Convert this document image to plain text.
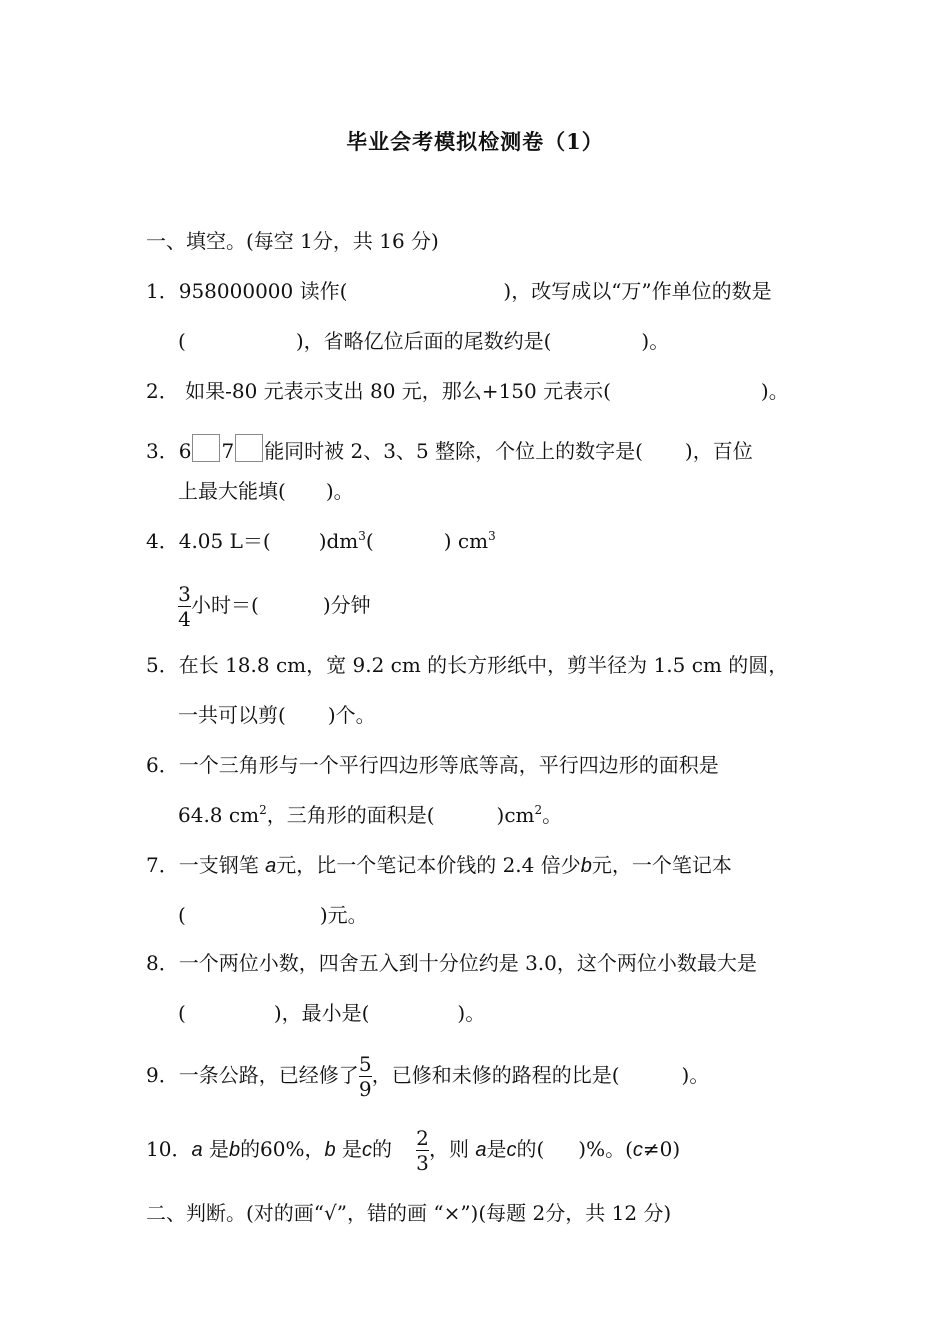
毕业会考模拟检测卷（1）
一、填空。(每空 1分，共 16 分)
1．958000000 读作(	)，改写成以“万”作单位的数是
(	)，省略亿位后面的尾数约是(	)。
2． 如果-80 元表示支出 80 元，那么+150 元表示(	)。
3．6 7 能同时被 2、3、5 整除，个位上的数字是( )，百位
上最大能填( )。
4．4.05 L＝( )$dm^3$(	) $cm^3$
$\frac{3}{4}$ 小时＝(	)分钟
5．在长 18.8 cm，宽 9.2 cm 的长方形纸中，剪半径为 1.5 cm 的圆，
一共可以剪( )个。
6．一个三角形与一个平行四边形等底等高，平行四边形的面积是
64.8 $cm^2$，三角形的面积是(	)$cm^2$。
7．一支钢笔 a元，比一个笔记本价钱的 2.4 倍少b元，一个笔记本
(	)元。
8．一个两位小数，四舍五入到十分位约是 3.0，这个两位小数最大是
(	)，最小是(	)。
9．一条公路，已经修了 $\frac{5}{9}$ ，已修和未修的路程的比是(	)。
10．a 是b的60%，b 是c的 $\frac{2}{3}$ ，则 a是c的( )%。(c≠0)
二、判断。(对的画“√”，错的画 “×”)(每题 2分，共 12 分)
